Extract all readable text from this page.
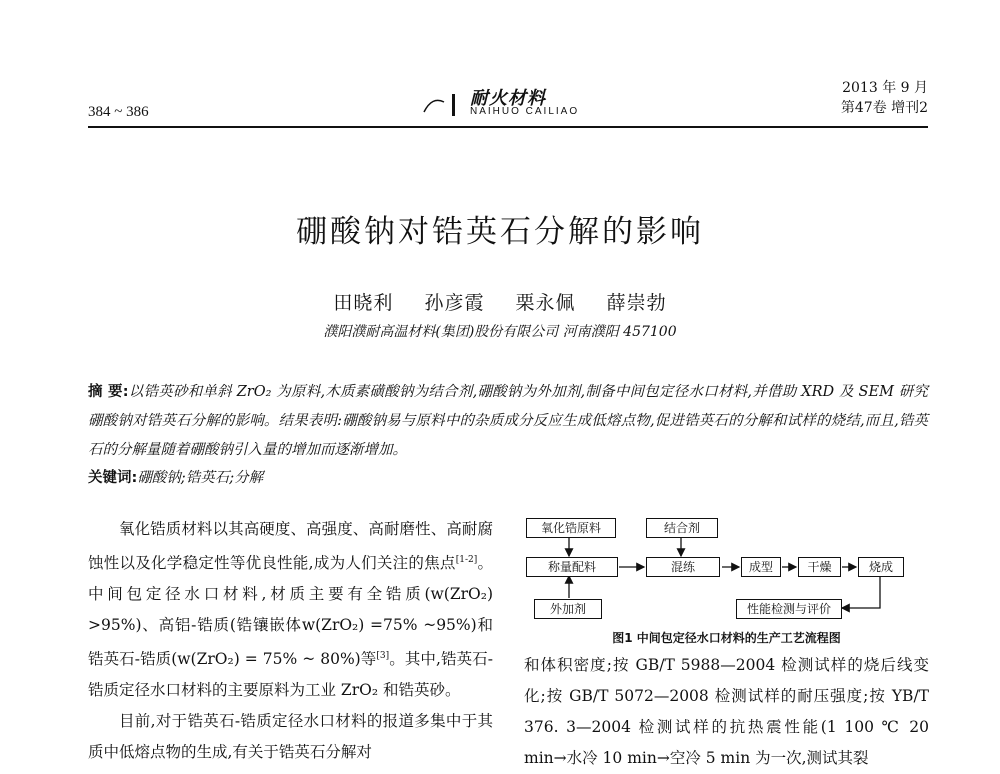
384 ~ 386
耐火材料
NAIHUO CAILIAO
2013 年 9 月
第47卷 增刊2
硼酸钠对锆英石分解的影响
田晓利 孙彦霞 栗永佩 薛崇勃
濮阳濮耐高温材料(集团)股份有限公司 河南濮阳 457100
摘 要:以锆英砂和单斜 ZrO₂ 为原料,木质素磺酸钠为结合剂,硼酸钠为外加剂,制备中间包定径水口材料,并借助 XRD 及 SEM 研究硼酸钠对锆英石分解的影响。结果表明:硼酸钠易与原料中的杂质成分反应生成低熔点物,促进锆英石的分解和试样的烧结,而且,锆英石的分解量随着硼酸钠引入量的增加而逐渐增加。
关键词:硼酸钠;锆英石;分解

氧化锆质材料以其高硬度、高强度、高耐磨性、高耐腐蚀性以及化学稳定性等优良性能,成为人们关注的焦点[1-2]。中间包定径水口材料,材质主要有全锆质(w(ZrO₂) >95%)、高铝-锆质(锆镶嵌体w(ZrO₂) =75% ~95%)和锆英石-锆质(w(ZrO₂) = 75% ~ 80%)等[3]。其中,锆英石-锆质定径水口材料的主要原料为工业 ZrO₂ 和锆英砂。

目前,对于锆英石-锆质定径水口材料的报道多集中于其质中低熔点物的生成,有关于锆英石分解对

氧化锆原料	结合剂
称量配料	混练	成型	干燥	烧成
外加剂	性能检测与评价
图1 中间包定径水口材料的生产工艺流程图
和体积密度;按 GB/T 5988—2004 检测试样的烧后线变化;按 GB/T 5072—2008 检测试样的耐压强度;按 YB/T 376. 3—2004 检测试样的抗热震性能(1 100 ℃ 20 min→水冷 10 min→空冷 5 min 为一次,测试其裂
